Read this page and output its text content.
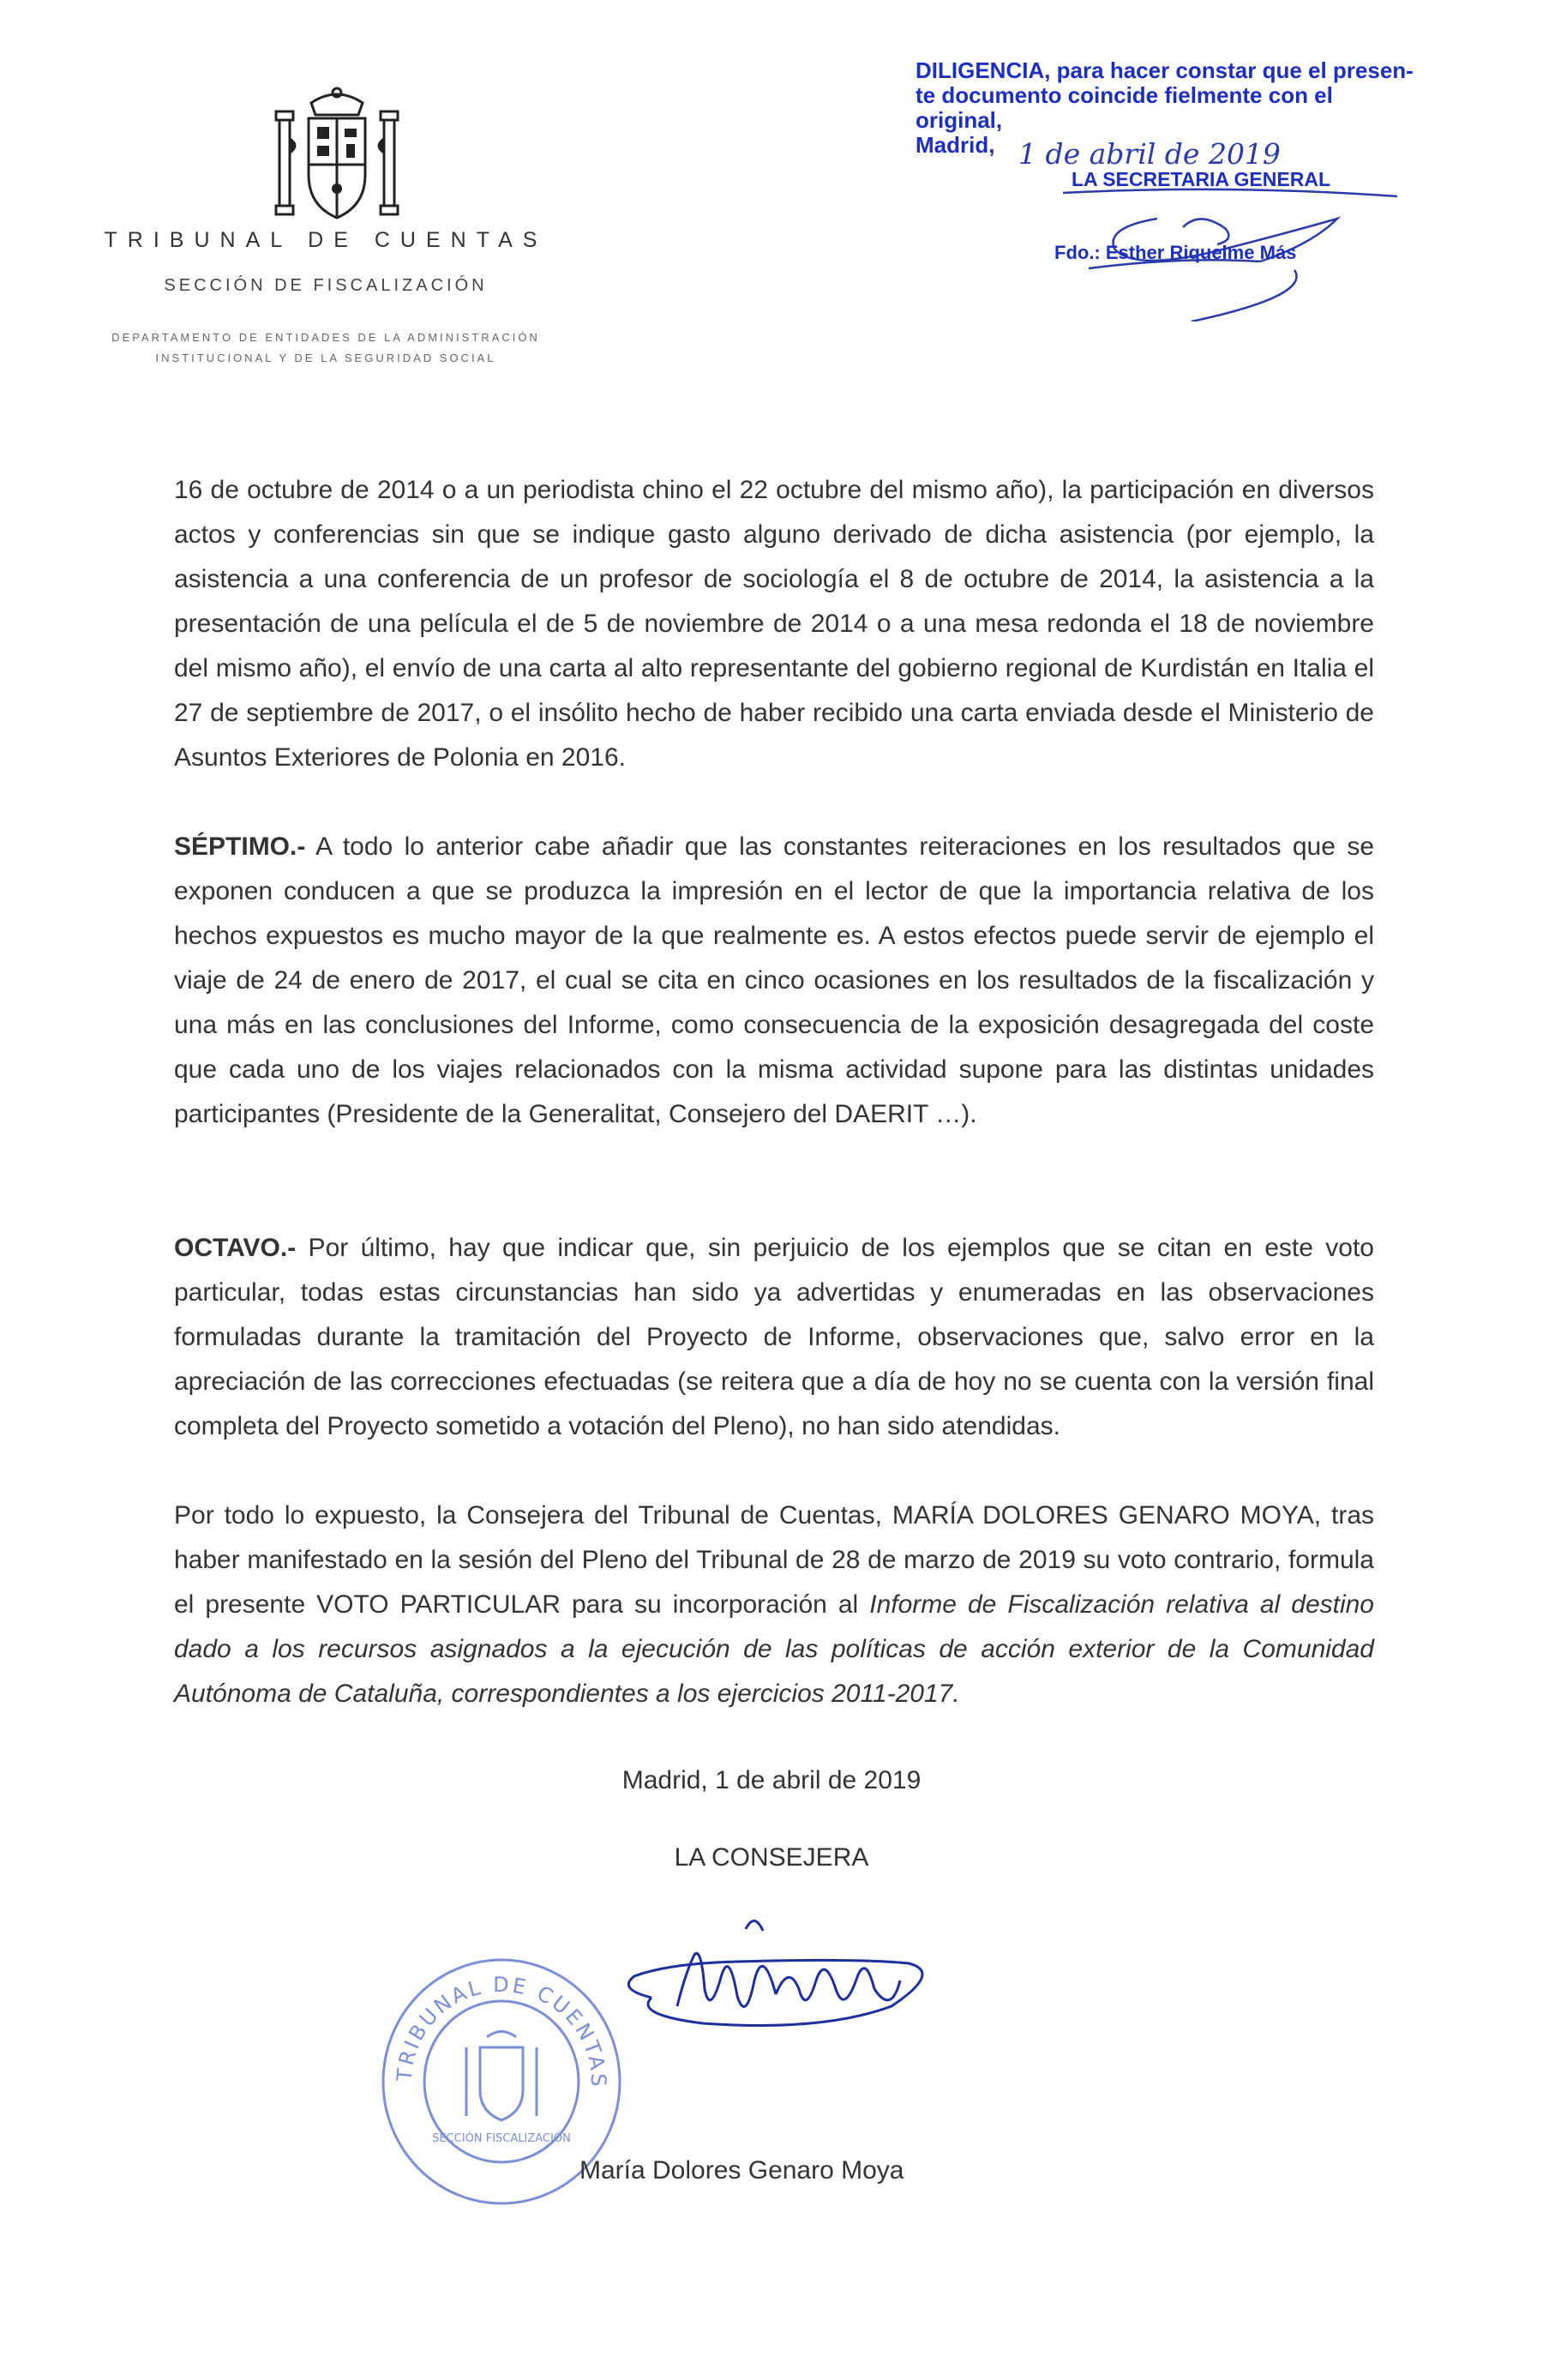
TRIBUNAL DE CUENTAS
SECCIÓN DE FISCALIZACIÓN
DEPARTAMENTO DE ENTIDADES DE LA ADMINISTRACIÓN
INSTITUCIONAL Y DE LA SEGURIDAD SOCIAL
DILIGENCIA, para hacer constar que el presen-
te documento coincide fielmente con el
original,
Madrid, 1 de abril de 2019
LA SECRETARIA GENERAL
Fdo.: Esther Riquelme Más

16 de octubre de 2014 o a un periodista chino el 22 octubre del mismo año), la participación en diversos actos y conferencias sin que se indique gasto alguno derivado de dicha asistencia (por ejemplo, la asistencia a una conferencia de un profesor de sociología el 8 de octubre de 2014, la asistencia a la presentación de una película el de 5 de noviembre de 2014 o a una mesa redonda el 18 de noviembre del mismo año), el envío de una carta al alto representante del gobierno regional de Kurdistán en Italia el 27 de septiembre de 2017, o el insólito hecho de haber recibido una carta enviada desde el Ministerio de Asuntos Exteriores de Polonia en 2016.

SÉPTIMO.- A todo lo anterior cabe añadir que las constantes reiteraciones en los resultados que se exponen conducen a que se produzca la impresión en el lector de que la importancia relativa de los hechos expuestos es mucho mayor de la que realmente es. A estos efectos puede servir de ejemplo el viaje de 24 de enero de 2017, el cual se cita en cinco ocasiones en los resultados de la fiscalización y una más en las conclusiones del Informe, como consecuencia de la exposición desagregada del coste que cada uno de los viajes relacionados con la misma actividad supone para las distintas unidades participantes (Presidente de la Generalitat, Consejero del DAERIT …).

OCTAVO.- Por último, hay que indicar que, sin perjuicio de los ejemplos que se citan en este voto particular, todas estas circunstancias han sido ya advertidas y enumeradas en las observaciones formuladas durante la tramitación del Proyecto de Informe, observaciones que, salvo error en la apreciación de las correcciones efectuadas (se reitera que a día de hoy no se cuenta con la versión final completa del Proyecto sometido a votación del Pleno), no han sido atendidas.

Por todo lo expuesto, la Consejera del Tribunal de Cuentas, MARÍA DOLORES GENARO MOYA, tras haber manifestado en la sesión del Pleno del Tribunal de 28 de marzo de 2019 su voto contrario, formula el presente VOTO PARTICULAR para su incorporación al Informe de Fiscalización relativa al destino dado a los recursos asignados a la ejecución de las políticas de acción exterior de la Comunidad Autónoma de Cataluña, correspondientes a los ejercicios 2011-2017.

Madrid, 1 de abril de 2019
LA CONSEJERA
TRIBUNAL DE CUENTAS
SECCIÓN FISCALIZACIÓN
María Dolores Genaro Moya
